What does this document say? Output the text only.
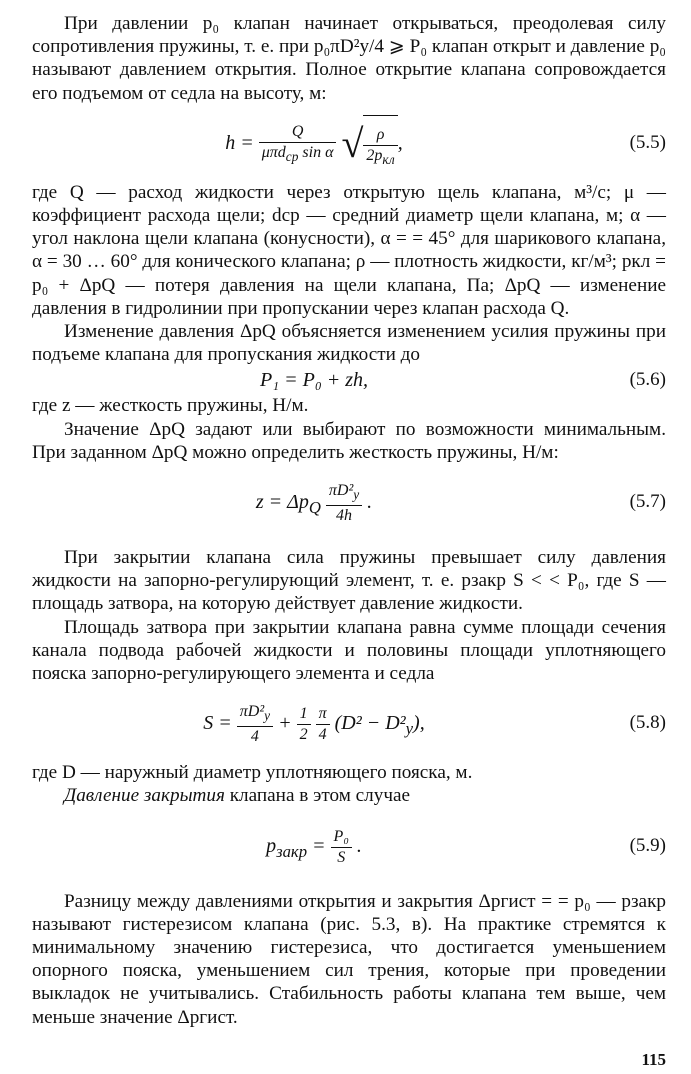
При давлении p₀ клапан начинает открываться, преодолевая силу сопротивления пружины, т. е. при p₀πD²у/4 ⩾ P₀ клапан открыт и давление p₀ называют давлением открытия. Полное открытие клапана сопровождается его подъемом от седла на высоту, м:

$h = \frac{Q}{\mu\pi d_{ср} \sin \alpha}$ √ $\frac{\rho}{2p_{кл}}$ ,	(5.5)

где Q — расход жидкости через открытую щель клапана, м³/с; μ — коэффициент расхода щели; dср — средний диаметр щели клапана, м; α — угол наклона щели клапана (конусности), α = = 45° для шарикового клапана, α = 30 … 60° для конического клапана; ρ — плотность жидкости, кг/м³; pкл = p₀ + ΔpQ — потеря давления на щели клапана, Па; ΔpQ — изменение давления в гидролинии при пропускании через клапан расхода Q.

Изменение давления ΔpQ объясняется изменением усилия пружины при подъеме клапана для пропускания жидкости до

P₁ = P₀ + zh,	(5.6)

где z — жесткость пружины, Н/м.

Значение ΔpQ задают или выбирают по возможности минимальным. При заданном ΔpQ можно определить жесткость пружины, Н/м:

$z = \Delta p_Q \frac{\pi D^2_у}{4h}$ .	(5.7)

При закрытии клапана сила пружины превышает силу давления жидкости на запорно-регулирующий элемент, т. е. pзакр S < < P₀, где S — площадь затвора, на которую действует давление жидкости.

Площадь затвора при закрытии клапана равна сумме площади сечения канала подвода рабочей жидкости и половины площади уплотняющего пояска запорно-регулирующего элемента и седла

$S = \frac{\pi D^2_у}{4} + \frac{1}{2}$
$\frac{\pi}{4} (D^2 - D^2_у)$,	(5.8)

где D — наружный диаметр уплотняющего пояска, м.

Давление закрытия клапана в этом случае

$p_{закр} = \frac{\text{P₀}}{S}$ .	(5.9)

Разницу между давлениями открытия и закрытия Δpгист = = p₀ — pзакр называют гистерезисом клапана (рис. 5.3, в). На практике стремятся к минимальному значению гистерезиса, что достигается уменьшением опорного пояска, уменьшением сил трения, которые при проведении выкладок не учитывались. Стабильность работы клапана тем выше, чем меньше значение Δpгист.

115
